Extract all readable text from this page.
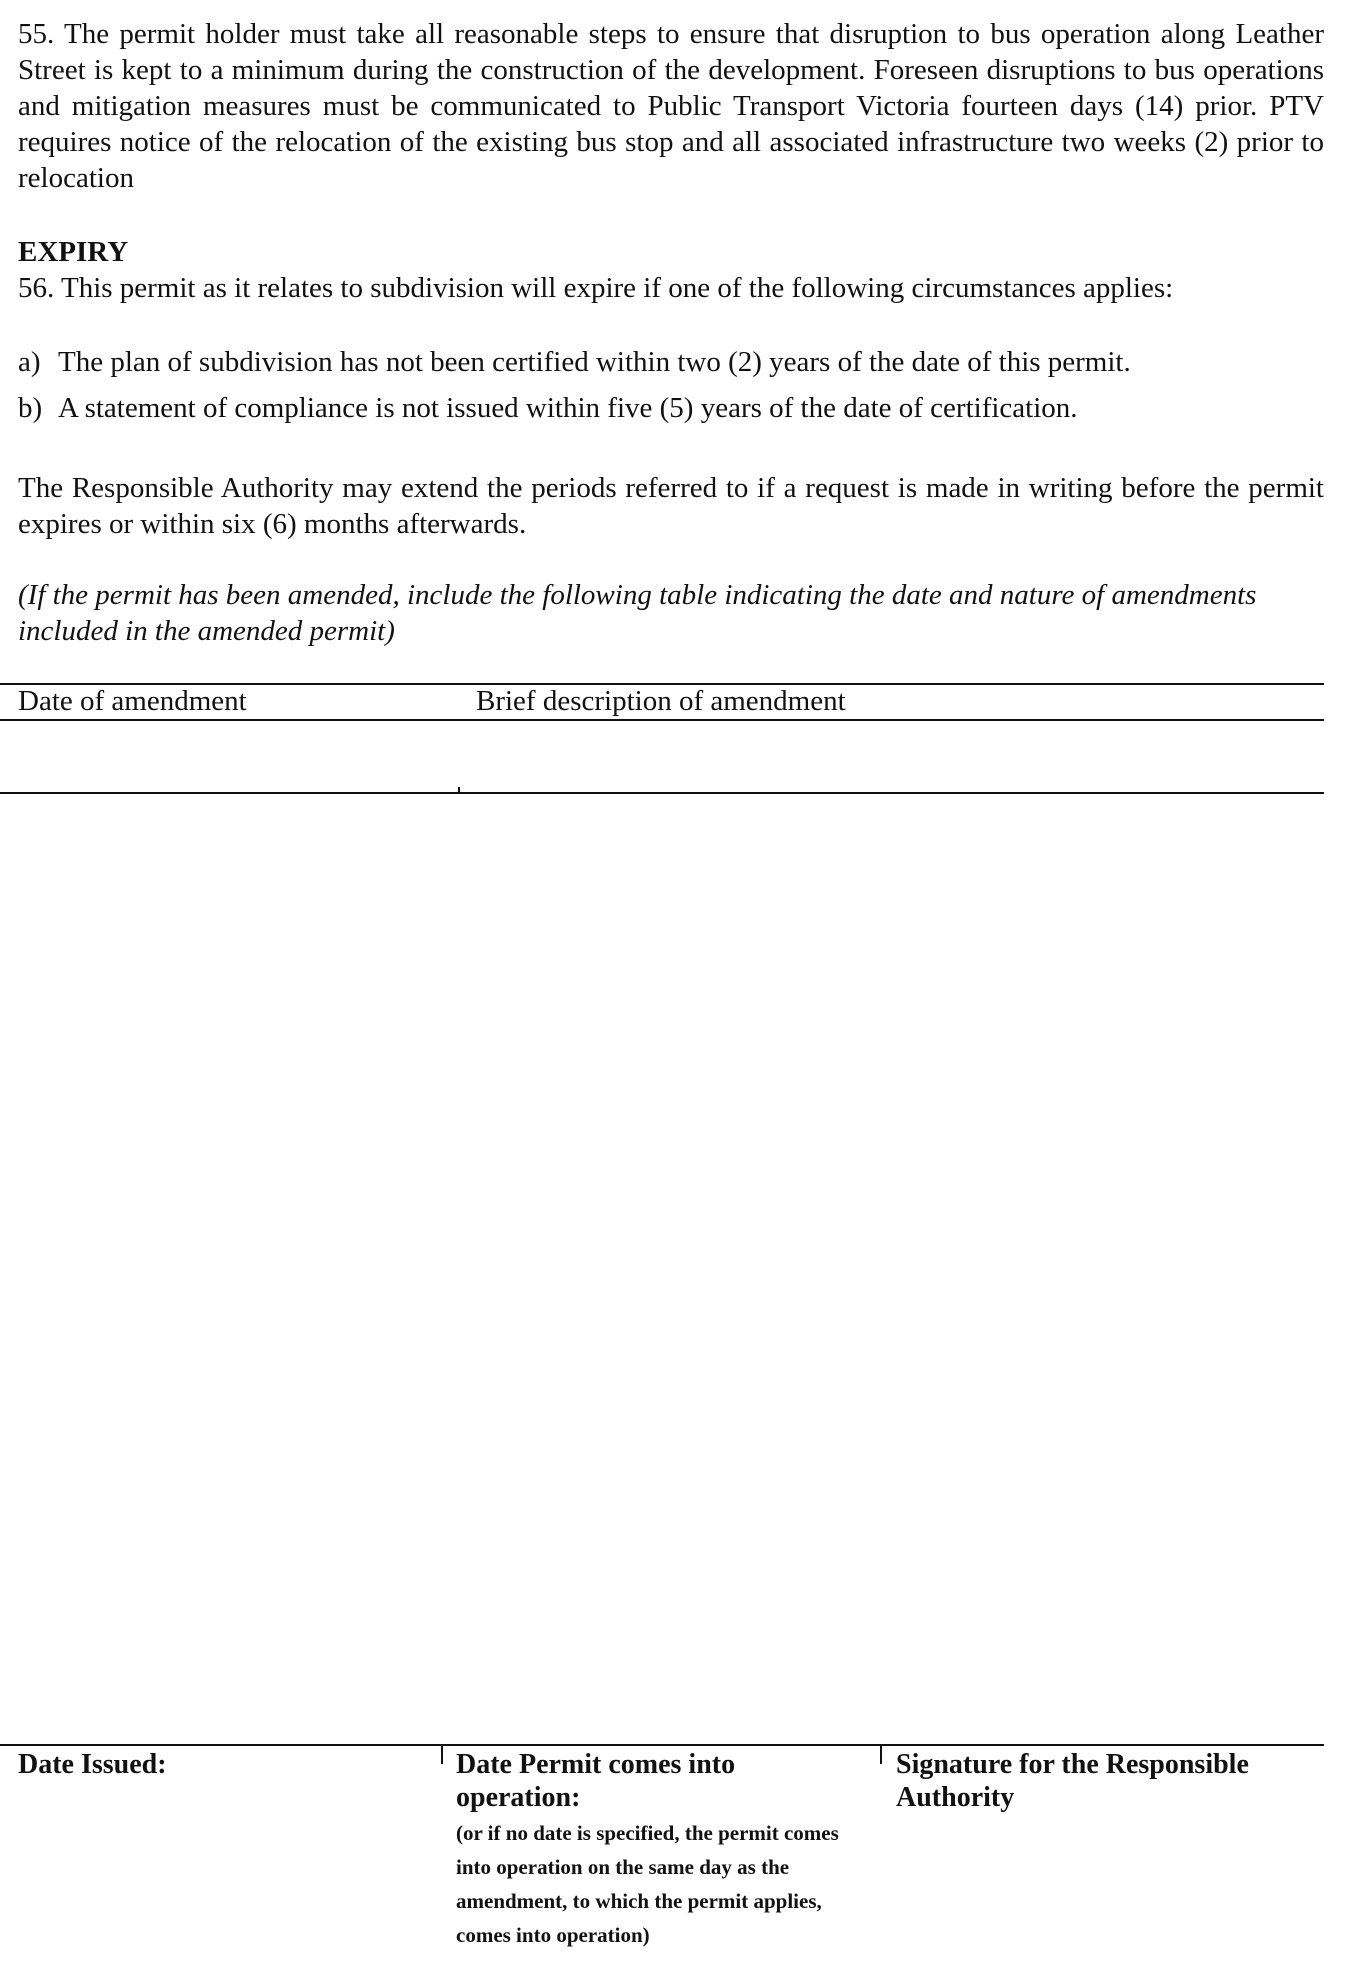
55. The permit holder must take all reasonable steps to ensure that disruption to bus operation along Leather Street is kept to a minimum during the construction of the development. Foreseen disruptions to bus operations and mitigation measures must be communicated to Public Transport Victoria fourteen days (14) prior. PTV requires notice of the relocation of the existing bus stop and all associated infrastructure two weeks (2) prior to relocation

EXPIRY

56. This permit as it relates to subdivision will expire if one of the following circumstances applies:

a) The plan of subdivision has not been certified within two (2) years of the date of this permit.
b) A statement of compliance is not issued within five (5) years of the date of certification.

The Responsible Authority may extend the periods referred to if a request is made in writing before the permit expires or within six (6) months afterwards.

(If the permit has been amended, include the following table indicating the date and nature of amendments included in the amended permit)

Date of amendment	Brief description of amendment
Date Issued:	Date Permit comes into operation:
(or if no date is specified, the permit comes into operation on the same day as the amendment, to which the permit applies, comes into operation)
Signature for the Responsible Authority
